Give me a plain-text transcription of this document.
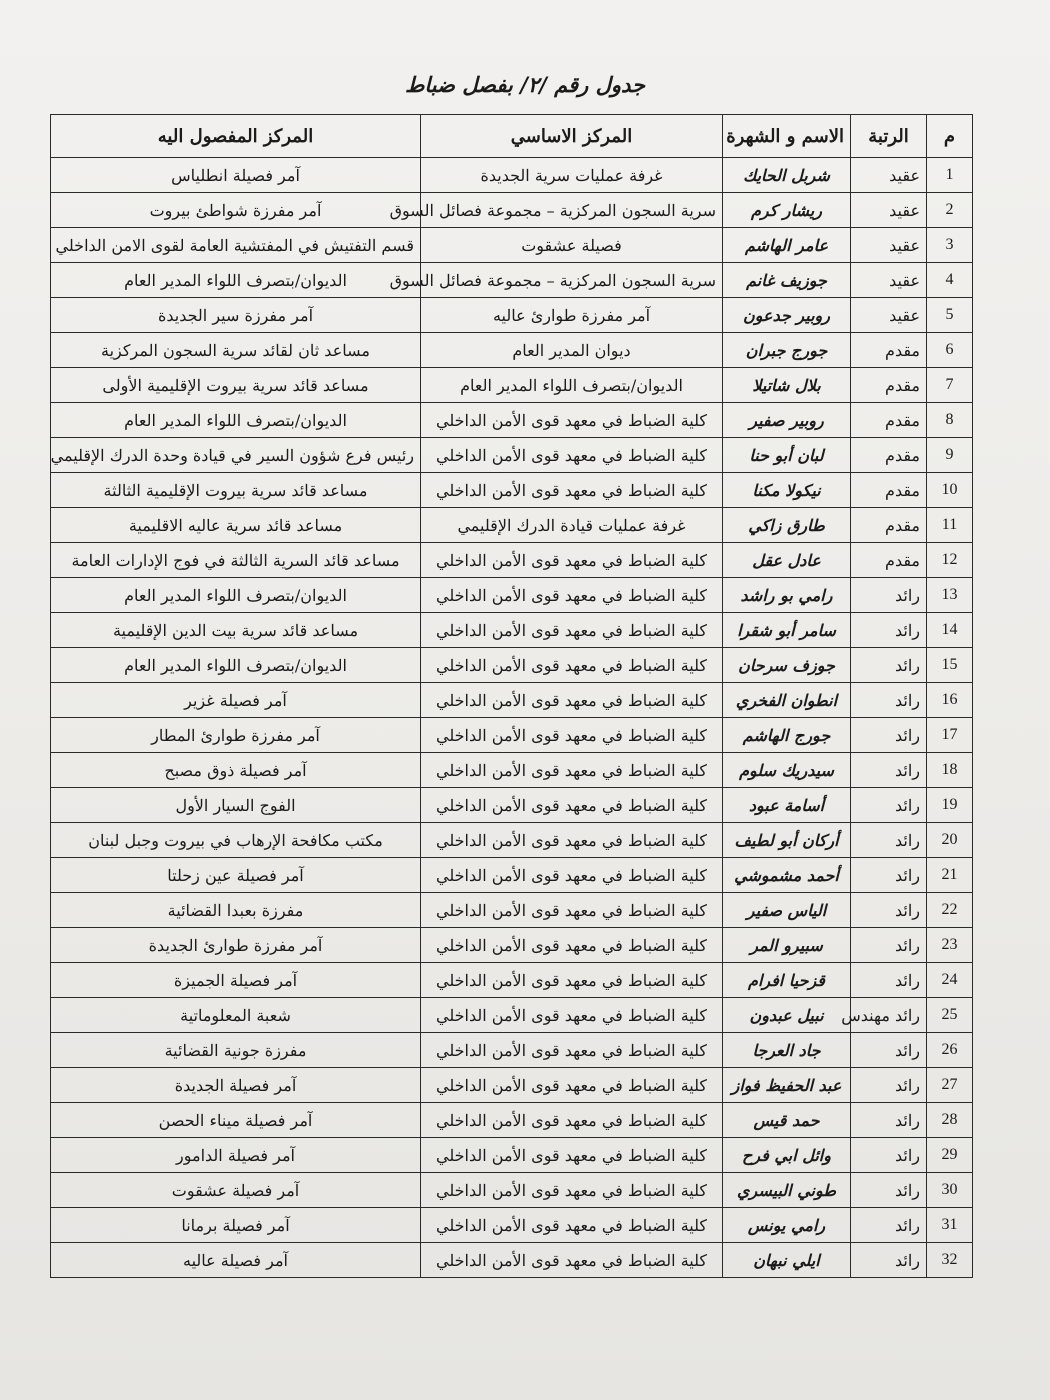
جدول رقم /٢/ بفصل ضباط
م	الرتبة	الاسم و الشهرة	المركز الاساسي	المركز المفصول اليه
1	عقيد	شربل الحايك	غرفة عمليات سرية الجديدة	آمر فصيلة انطلياس
2	عقيد	ريشار كرم	سرية السجون المركزية – مجموعة فصائل السوق	آمر مفرزة شواطئ بيروت
3	عقيد	عامر الهاشم	فصيلة عشقوت	قسم التفتيش في المفتشية العامة لقوى الامن الداخلي
4	عقيد	جوزيف غانم	سرية السجون المركزية – مجموعة فصائل السوق	الديوان/بتصرف اللواء المدير العام
5	عقيد	روبير جدعون	آمر مفرزة طوارئ عاليه	آمر مفرزة سير الجديدة
6	مقدم	جورج جبران	ديوان المدير العام	مساعد ثان لقائد سرية السجون المركزية
7	مقدم	بلال شاتيلا	الديوان/بتصرف اللواء المدير العام	مساعد قائد سرية بيروت الإقليمية الأولى
8	مقدم	روبير صفير	كلية الضباط في معهد قوى الأمن الداخلي	الديوان/بتصرف اللواء المدير العام
9	مقدم	لبان أبو حنا	كلية الضباط في معهد قوى الأمن الداخلي	رئيس فرع شؤون السير في قيادة وحدة الدرك الإقليمي
10	مقدم	نيكولا مكنا	كلية الضباط في معهد قوى الأمن الداخلي	مساعد قائد سرية بيروت الإقليمية الثالثة
11	مقدم	طارق زاكي	غرفة عمليات قيادة الدرك الإقليمي	مساعد قائد سرية عاليه الاقليمية
12	مقدم	عادل عقل	كلية الضباط في معهد قوى الأمن الداخلي	مساعد قائد السرية الثالثة في فوج الإدارات العامة
13	رائد	رامي بو راشد	كلية الضباط في معهد قوى الأمن الداخلي	الديوان/بتصرف اللواء المدير العام
14	رائد	سامر أبو شقرا	كلية الضباط في معهد قوى الأمن الداخلي	مساعد قائد سرية بيت الدين الإقليمية
15	رائد	جوزف سرحان	كلية الضباط في معهد قوى الأمن الداخلي	الديوان/بتصرف اللواء المدير العام
16	رائد	انطوان الفخري	كلية الضباط في معهد قوى الأمن الداخلي	آمر فصيلة غزير
17	رائد	جورج الهاشم	كلية الضباط في معهد قوى الأمن الداخلي	آمر مفرزة طوارئ المطار
18	رائد	سيدريك سلوم	كلية الضباط في معهد قوى الأمن الداخلي	آمر فصيلة ذوق مصبح
19	رائد	أسامة عبود	كلية الضباط في معهد قوى الأمن الداخلي	الفوج السيار الأول
20	رائد	أركان أبو لطيف	كلية الضباط في معهد قوى الأمن الداخلي	مكتب مكافحة الإرهاب في بيروت وجبل لبنان
21	رائد	أحمد مشموشي	كلية الضباط في معهد قوى الأمن الداخلي	آمر فصيلة عين زحلتا
22	رائد	الياس صفير	كلية الضباط في معهد قوى الأمن الداخلي	مفرزة بعبدا القضائية
23	رائد	سبيرو المر	كلية الضباط في معهد قوى الأمن الداخلي	آمر مفرزة طوارئ الجديدة
24	رائد	قزحيا افرام	كلية الضباط في معهد قوى الأمن الداخلي	آمر فصيلة الجميزة
25	رائد مهندس	نبيل عبدون	كلية الضباط في معهد قوى الأمن الداخلي	شعبة المعلوماتية
26	رائد	جاد العرجا	كلية الضباط في معهد قوى الأمن الداخلي	مفرزة جونية القضائية
27	رائد	عبد الحفيظ فواز	كلية الضباط في معهد قوى الأمن الداخلي	آمر فصيلة الجديدة
28	رائد	حمد قيس	كلية الضباط في معهد قوى الأمن الداخلي	آمر فصيلة ميناء الحصن
29	رائد	وائل ابي فرح	كلية الضباط في معهد قوى الأمن الداخلي	آمر فصيلة الدامور
30	رائد	طوني البيسري	كلية الضباط في معهد قوى الأمن الداخلي	آمر فصيلة عشقوت
31	رائد	رامي يونس	كلية الضباط في معهد قوى الأمن الداخلي	آمر فصيلة برمانا
32	رائد	ايلي نبهان	كلية الضباط في معهد قوى الأمن الداخلي	آمر فصيلة عاليه
